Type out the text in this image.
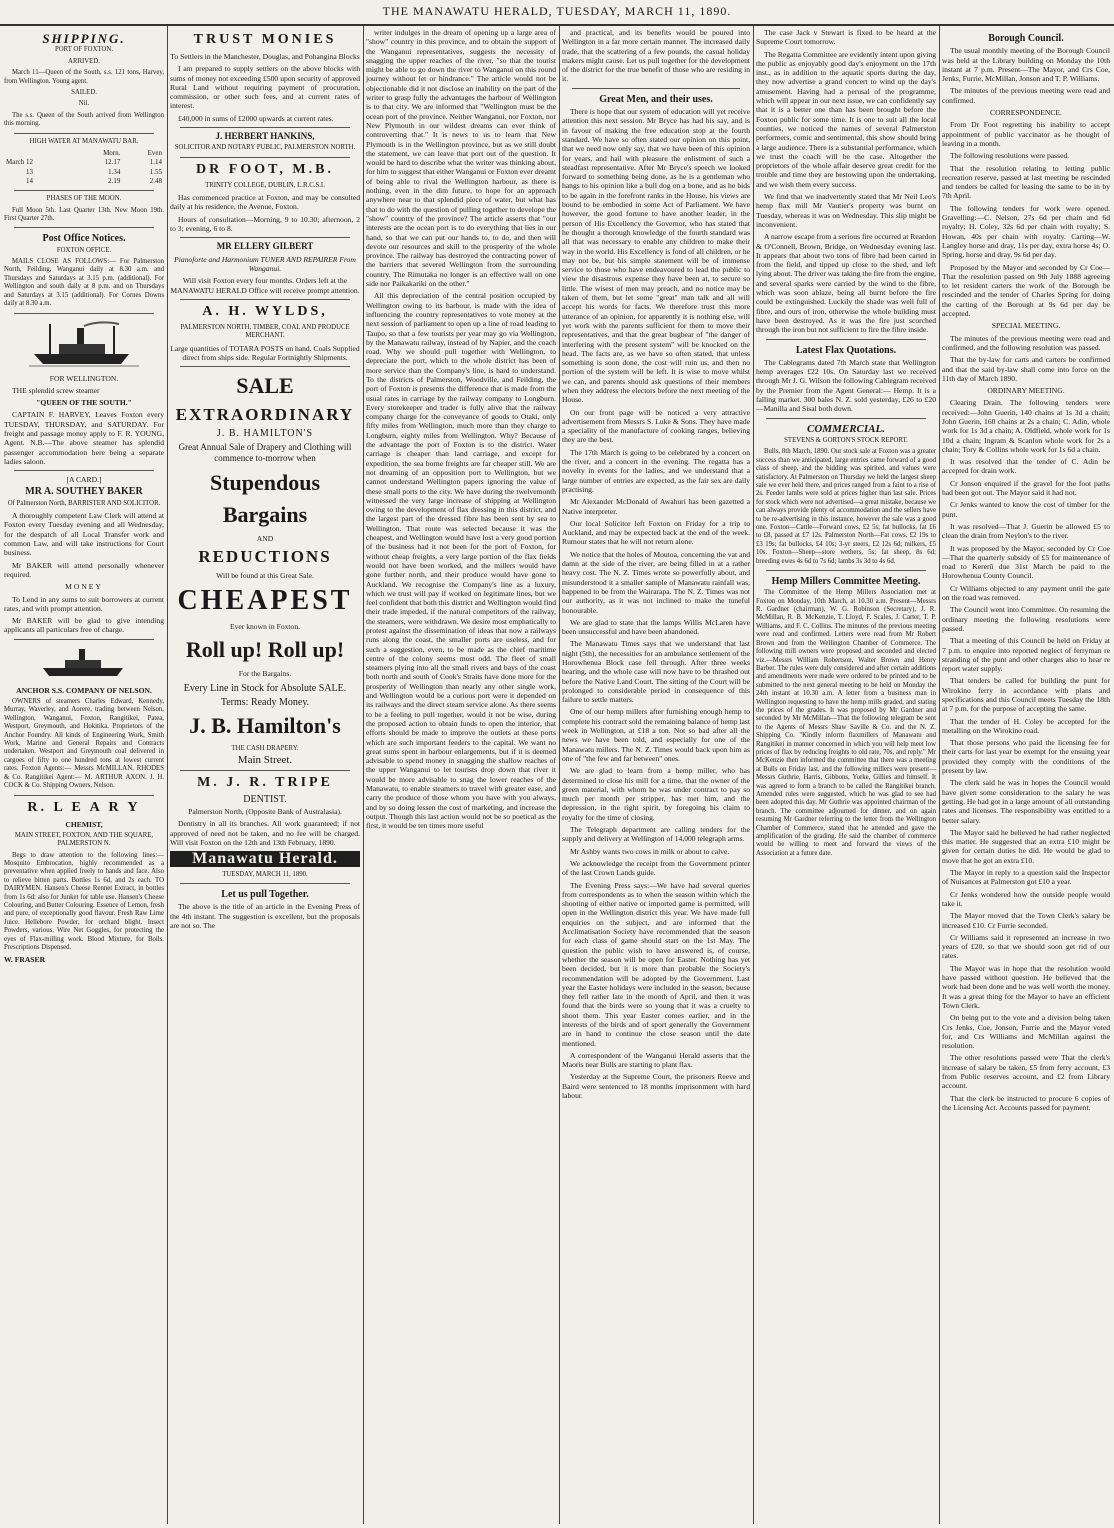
THE MANAWATU HERALD, TUESDAY, MARCH 11, 1890.
SHIPPING.

PORT OF FOXTON.

ARRIVED.

March 11—Queen of the South, s.s. 121 tons, Harvey, from Wellington. Young agent.

SAILED.

Nil.

The s.s. Queen of the South arrived from Wellington this morning.

HIGH WATER AT MANAWATU BAR.

	Morn.	Even
March 12	12.17	1.14
13	1.34	1.55
14	2.19	2.48

PHASES OF THE MOON.

Full Moon 5th. Last Quarter 13th. New Moon 19th. First Quarter 27th.

Post Office Notices.

FOXTON OFFICE.

MAILS CLOSE AS FOLLOWS:— For Palmerston North, Feilding, Wanganui daily at 8.30 a.m. and Thursdays and Saturdays at 3.15 p.m. (additional). For Wellington and south daily at 8 p.m. and on Thursdays and Saturdays at 3.15 (additional). For Cornes Downs daily at 8.30 a.m.

FOR WELLINGTON.

THE splendid screw steamer

"QUEEN OF THE SOUTH."

CAPTAIN F. HARVEY, Leaves Foxton every TUESDAY, THURSDAY, and SATURDAY. For freight and passage money apply to F. R. YOUNG, Agent. N.B.—The above steamer has splendid passenger accommodation here being a separate ladies saloon.

[A CARD.]

MR A. SOUTHEY BAKER

Of Palmerston North, BARRISTER AND SOLICITOR.

A thoroughly competent Law Clerk will attend at Foxton every Tuesday evening and all Wednesday, for the despatch of all Local Transfer work and common Law, and will take instructions for Court business.

Mr BAKER will attend personally whenever required.

MONEY

To Lend in any sums to suit borrowers at current rates, and with prompt attention.

Mr BAKER will be glad to give intending applicants all particulars free of charge.

ANCHOR S.S. COMPANY OF NELSON.

OWNERS of steamers Charles Edward, Kennedy, Murray, Waverley, and Aorere, trading between Nelson, Wellington, Wanganui, Foxton, Rangitikei, Patea, Westport, Greymouth, and Hokitika. Proprietors of the Anchor Foundry. All kinds of Engineering Work, Smith Work, Marine and General Repairs and Contracts undertaken. Westport and Greymouth coal delivered in cargoes of fifty to one hundred tons at lowest current rates. Foxton Agents:— Messrs McMILLAN, RHODES & Co. Rangitikei Agent:— M. ARTHUR AXON. J. H. COCK & Co. Shipping Owners, Nelson.

R. L E A R Y

CHEMIST,

MAIN STREET, FOXTON, AND THE SQUARE, PALMERSTON N.

Begs to draw attention to the following lines:— Mosquito Embrocation, highly recommended as a preventative when applied freely to hands and face. Also to relieve bitten parts. Bottles 1s 6d, and 2s each. TO DAIRYMEN. Hansen's Cheese Rennet Extract, in bottles from 1s 6d: also for Junket for table use. Hansen's Cheese Colouring, and Butter Colouring. Essence of Lemon, fresh and pure, of exceptionally good flavour. Fresh Raw Lime Juice. Hellebore Powder, for orchard blight. Insect Powders, various. Wire Net Goggles, for protecting the eyes of Flax-milling work. Blood Mixture, for Boils. Prescriptions Dispensed.

W. FRASER

TRUST MONIES

To Settlers in the Manchester, Douglas, and Pohangina Blocks

I am prepared to supply settlers on the above blocks with sums of money not exceeding £500 upon security of approved Rural Land without requiring payment of procuration, commission, or other such fees, and at current rates of interest.

£40,000 in sums of £2000 upwards at current rates.

J. HERBERT HANKINS,

SOLICITOR AND NOTARY PUBLIC, PALMERSTON NORTH.

DR FOOT, M.B.

TRINITY COLLEGE, DUBLIN, L.R.C.S.I.

Has commenced practice at Foxton, and may be consulted daily at his residence, the Avenue, Foxton.

Hours of consultation—Morning, 9 to 10.30; afternoon, 2 to 3; evening, 6 to 8.

MR ELLERY GILBERT

Pianoforte and Harmonium TUNER AND REPAIRER From Wanganui.

Will visit Foxton every four months. Orders left at the MANAWATU HERALD Office will receive prompt attention.

A. H. WYLDS,

PALMERSTON NORTH, TIMBER, COAL AND PRODUCE MERCHANT.

Large quantities of TOTARA POSTS on hand. Coals Supplied direct from ships side. Regular Fortnightly Shipments.

SALE
EXTRAORDINARY

J. B. HAMILTON'S

Great Annual Sale of Drapery and Clothing will commence to-morrow when

Stupendous
Bargains

AND

REDUCTIONS

Will be found at this Great Sale.

CHEAPEST

Ever known in Foxton.

Roll up! Roll up!

For the Bargains.

Every Line in Stock for Absolute SALE.

Terms: Ready Money.

J. B. Hamilton's

THE CASH DRAPERY.

Main Street.

M. J. R. TRIPE

DENTIST.

Palmerston North, (Opposite Bank of Australasia).

Dentistry in all its branches. All work guaranteed; if not approved of need not be taken, and no fee will be charged. Will visit Foxton on the 12th and 13th February, 1890.

Manawatu Herald.

TUESDAY, MARCH 11, 1890.

Let us pull Together.

The above is the title of an article in the Evening Press of the 4th instant. The suggestion is excellent, but the proposals are not so. The

writer indulges in the dream of opening up a large area of "show" country in this province, and to obtain the support of the Wanganui representatives, suggests the necessity of snagging the upper reaches of the river, "so that the tourist might be able to go down the river to Wanganui on this round journey without let or hindrance." The article would not be objectionable did it not disclose an inability on the part of the writer to grasp fully the advantages the harbour of Wellington is to that city. We are informed that "Wellington must be the ocean port of the province. Neither Wanganui, nor Foxton, nor New Plymouth in our wildest dreams can ever think of controverting that." It is news to us to learn that New Plymouth is in the Wellington province, but as we still doubt the statement, we can leave that port out of the question. It would be hard to describe what the writer was thinking about, for him to suggest that either Wanganui or Foxton ever dreamt of being able to rival the Wellington harbour, as there is nothing, even in the dim future, to hope for an approach anywhere near to that splendid piece of water, but what has that to do with the question of pulling together to develope the "show" country of the province? The article asserts that "our interests are the ocean port is to do everything that lies in our hand, so that we can put our hands to, to do, and then will devote our resources and skill to the prosperity of the whole province. The railway has destroyed the contracting power of the barriers that severed Wellington from the surrounding country. The Rimutaka no longer is an effective wall on one side nor Paikakariki on the other."

All this depreciation of the central position occupied by Wellington owing to its harbour, is made with the idea of influencing the country representatives to vote money at the next session of parliament to open up a line of road leading to Taupo, so that a few tourists per year may go via Wellington, by the Manawatu railway, instead of by Napier, and the coach road. Why we should pull together with Wellington, to depreciate the port, which to the whole district has been of more service than the Company's line, is hard to understand. To the districts of Palmerston, Woodville, and Feilding, the port of Foxton is presents the difference that is made from the usual rates in carriage by the railway company to Longburn. Every storekeeper and trader is fully alive that the railway company charge for the conveyance of goods to Otaki, only fifty miles from Wellington, much more than they charge to Longburn, eighty miles from Wellington. Why? Because of the advantage the port of Foxton is to the district. Water carriage is cheaper than land carriage, and except for expedition, the sea borne freights are far cheaper still. We are not dreaming of an opposition port to Wellington, but we cannot understand Wellington papers ignoring the value of these small ports to the city. We have during the twelvemonth witnessed the very large increase of shipping at Wellington owing to the development of flax dressing in this district, and the largest part of the dressed fibre has been sent by sea to Wellington. That route was selected because it was the cheapest, and Wellington would have lost a very good portion of the business had it not been for the port of Foxton, for without cheap freights, a very large portion of the flax fields would not have been worked, and the millers would have gone further north, and their produce would have gone to Auckland. We recognise the Company's line as a luxury, which we trust will pay if worked on legitimate lines, but we feel confident that both this district and Wellington would find their trade impeded, if the natural competitors of the railway, the steamers, were withdrawn. We desire most emphatically to protest against the dissemination of ideas that now a railways runs along the coast, the smaller ports are useless, and for such a suggestion, even, to be made as the chief maritime centre of the colony seems most odd. The fleet of small steamers plying into all the small rivers and bays of the coast both north and south of Cook's Straits have done more for the prosperity of Wellington than nearly any other single work, and Wellington would be a curious port were it depended on its railways and the direct steam service alone. As there seems to be a feeling to pull together, would it not be wise, during the proposed action to obtain funds to open the interior, that efforts should be made to improve the outlets at these ports which are such important feeders to the capital. We want no great sums spent in harbour enlargements, but if it is deemed advisable to spend money in snagging the shallow reaches of the upper Wanganui to let tourists drop down that river it would be more advisable to snag the lower reaches of the Manawatu, to enable steamers to travel with greater ease, and carry the produce of those whom you have with you always, and by so doing lessen the cost of marketing, and increase the output. Though this last action would not be so poetical as the first, it would be ten times more useful

and practical, and its benefits would be poured into Wellington in a far more certain manner. The increased daily trade, that the scattering of a few pounds, the casual holiday makers might cause. Let us pull together for the development of the district for the true benefit of those who are residing in it.

Great Men, and their uses.

There is hope that our system of education will yet receive attention this next session. Mr Bryce has had his say, and is in favour of making the free education stop at the fourth standard. We have so often stated our opinion on this point, that we need now only say, that we have been of this opinion for years, and hail with pleasure the enlistment of such a steadfast representative. After Mr Bryce's speech we looked forward to something being done, as he is a gentleman who hangs to his opinion like a bull dog on a bone, and as he bids to be again in the forefront ranks in the House, his views are bound to be embodied in some Act of Parliament. We have however, the good fortune to have another leader, in the person of His Excellency the Governor, who has stated that he thought a thorough knowledge of the fourth standard was all that was necessary to enable any children to make their way in the world. His Excellency is fond of all children, or he may not be, but his simple statement will be of immense service to those who have endeavoured to lead the public to view the disastrous expense they have been at, to secure so little. The wisest of men may preach, and no notice may be taken of them, but let some "great" man talk and all will accept his words for facts. We therefore trust this more utterance of an opinion, for apparently it is nothing else, will yet work with the parents sufficient for them to move their representatives, and that the great bugbear of "the danger of interfering with the present system" will be knocked on the head. The facts are, as we have so often stated, that unless something is soon done, the cost will ruin us, and then no portion of the system will be left. It is wise to move whilst we can, and parents should ask questions of their members when they address the electors before the next meeting of the House.

On our front page will be noticed a very attractive advertisement from Messrs S. Luke & Sons. They have made a speciality of the manufacture of cooking ranges, believing they are the best.

The 17th March is going to be celebrated by a concert on the river, and a concert in the evening. The regatta has a novelty in events for the ladies, and we understand that a large number of entries are expected, as the fair sex are daily practising.

Mr Alexander McDonald of Awahuri has been gazetted a Native interpreter.

Our local Solicitor left Foxton on Friday for a trip to Auckland, and may be expected back at the end of the week. Rumour states that he will not return alone.

We notice that the holes of Moutoa, concerning the vat and damn at the side of the river, are being filled in at a rather heavy cost. The N. Z. Times wrote so powerfully about, and misunderstood it a smaller sample of Manawatu rainfall was, happened to be from the Wairarapa. The N. Z. Times was not our authority, as it was not inclined to make the tuneful honourable.

We are glad to state that the lamps Willis McLaren have been unsuccessful and have been abandoned.

The Manawatu Times says that we understand that last night (5th), the necessities for an ambulance settlement of the Horowhenua Block case fell through. After three weeks hearing, and the whole case will now have to be thrashed out before the Native Land Court. The sitting of the Court will be prolonged to considerable period in consequence of this failure to settle matters.

One of our hemp millers after furnishing enough hemp to complete his contract sold the remaining balance of hemp last week in Wellington, at £18 a ton. Not so bad after all the news we have been told, and especially for one of the Manawatu millers. The N. Z. Times would back upon him as one of "the few and far between" ones.

We are glad to learn from a hemp miller, who has determined to close his mill for a time, that the owner of the green material, with whom he was under contract to pay so much per month per stripper, has met him, and the depression, in the right spirit, by foregoing his claim to royalty for the time of closing.

The Telegraph department are calling tenders for the supply and delivery at Wellington of 14,000 telegraph arms.

Mr Ashby wants two cows in milk or about to calve.

We acknowledge the receipt from the Government printer of the last Crown Lands guide.

The Evening Press says:—We have had several queries from correspondents as to when the season within which the shooting of either native or imported game is permitted, will open in the Wellington district this year. We have made full enquiries on the subject, and are informed that the Acclimatisation Society have recommended that the season for each class of game should start on the 1st May. The question the public wish to have answered is, of course, whether the season will be open for Easter. Nothing has yet been decided, but it is more than probable the Society's recommendation will be adopted by the Government. Last year the Easter holidays were included in the season, because they fell rather late in the month of April, and then it was found that the birds were so young that it was a cruelty to shoot them. This year Easter comes earlier, and in the interests of the birds and of sport generally the Government are in hand to continue the close season until the date mentioned.

A correspondent of the Wanganui Herald asserts that the Maoris near Bulls are starting to plant flax.

Yesterday at the Supreme Court, the prisoners Reeve and Baird were sentenced to 18 months imprisonment with hard labour.

The case Jack v Stewart is fixed to be heard at the Supreme Court tomorrow.

The Regatta Committee are evidently intent upon giving the public as enjoyably good day's enjoyment on the 17th inst., as in addition to the aquatic sports during the day, they now advertise a grand concert to wind up the day's amusement. Having had a perusal of the programme, which will appear in our next issue, we can confidently say that it is a better one than has been brought before the Foxton public for some time. It is one to suit all the local counties, we noticed the names of several Palmerston performers, comic and sentimental, this show should bring a large audience. There is a substantial performance, which we trust the coach will be the case. Altogether the proprietors of the whole affair deserve great credit for the trouble and time they are bestowing upon the undertaking, and we wish them every success.

We find that we inadvertently stated that Mr Neil Leo's hemp flax mill Mr Vautier's property was burnt on Tuesday, whereas it was on Wednesday. This slip might be inconvenient.

A narrow escape from a serious fire occurred at Reardon & O'Connell, Brown, Bridge, on Wednesday evening last. It appears that about two tons of fibre had been carted in from the field, and tipped up close to the shed, and left lying about. The driver was taking the fire from the engine, and several sparks were carried by the wind to the fibre, which was soon ablaze, being all burnt before the fire could be extinguished. Luckily the shade was well full of fibre, and ours of iron, otherwise the whole building must have been destroyed. As it was the fire just scorched through the iron but not sufficient to fire the fibre inside.

Latest Flax Quotations.

The Cablegrams dated 7th March state that Wellington hemp averages £22 10s. On Saturday last we received through Mr J. G. Wilson the following Cablegram received by the Premier from the Agent General:— Hemp. It is a falling market. 300 bales N. Z. sold yesterday, £26 to £20—Manilla and Sisal both down.

COMMERCIAL.

STEVENS & GORTON'S STOCK REPORT.

Bulls, 8th March, 1890. Our stock sale at Foxton was a greater success than we anticipated, large entries came forward of a good class of sheep, and the bidding was spirited, and values were satisfactory. At Palmerston on Thursday we held the largest sheep sale we ever held there, and prices ranged from a faint to a rise of 2s. Feeder lambs were sold at prices higher than last sale. Prices for stock which were not advertised—a great mistake, because we can always provide plenty of accommodation and the sellers have to be re-advertising in this instance, however the sale was a good one. Foxton—Cattle—Forward cows, £2 5s; fat bullocks, fat £6 to £8, passed at £7 12s. Palmerston North—Fat cows, £2 19s to £3 19s; fat bullocks, £4 10s; 3-yr steers, £2 12s 6d; milkers, £5 10s. Foxton—Sheep—store wethers, 5s; fat sheep, 8s 6d; breeding ewes 4s 6d to 7s 6d; lambs 3s 3d to 4s 6d.

Hemp Millers Committee Meeting.

The Committee of the Hemp Millers Association met at Foxton on Monday, 10th March, at 10.30 a.m. Present—Messrs R. Gardner (chairman), W. G. Robinson (Secretary), J. R. McMillan, R. B. McKenzie, T. Lloyd, F. Scales, J. Carter, T. P. Williams, and F. C. Collins. The minutes of the previous meeting were read and confirmed. Letters were read from Mr Robert Brown and from the Wellington Chamber of Commerce. The following mill owners were proposed and seconded and elected viz.—Messrs William Robertson, Walter Brown and Henry Barber. The rules were duly considered and after certain additions and amendments were made were ordered to be printed and to be submitted to the next general meeting to be held on Monday the 24th instant at 10.30 a.m. A letter from a business man in Wellington requesting to have the hemp mills graded, and stating the prices of the grades. It was proposed by Mr Gardner and seconded by Mr McMillan—That the following telegram be sent to the Agents of Messrs Shaw Saville & Co. and the N. Z. Shipping Co. "Kindly inform flaxmillers of Manawatu and Rangitikei in manner concerned in which you will help meet low prices of flax by reducing freights to old rate, 70s, and reply." Mr McKenzie then informed the committee that there was a meeting at Bulls on Friday last, and the following millers were present—Messrs Guthrie, Harris, Gibbons, Yorke, Gillies and himself. It was agreed to form a branch to be called the Rangitikei branch. Amended rules were suggested, which he was glad to see had been adopted this day. Mr Guthrie was appointed chairman of the branch. The committee adjourned for dinner, and on again resuming Mr Gardner referring to the letter from the Wellington Chamber of Commerce, stated that he attended and gave the amplification of the grading. He said the chamber of commerce would be willing to meet and forward the views of the Association at a future date.

Borough Council.

The usual monthly meeting of the Borough Council was held at the Library building on Monday the 10th instant at 7 p.m. Present—The Mayor, and Crs Coe, Jenks, Furrie, McMillan, Jonson and T. P. Williams.

The minutes of the previous meeting were read and confirmed.

CORRESPONDENCE.

From Dr Foot regretting his inability to accept appointment of public vaccinator as he thought of leaving in a month.

The following resolutions were passed.

That the resolution relating to letting public recreation reserve, passed at last meeting be rescinded and tenders be called for leasing the same to be in by 7th April.

The following tenders for work were opened. Gravelling:—C. Nelson, 27s 6d per chain and 6d royalty; H. Coley, 32s 6d per chain with royalty; S. Howan, 40s per chain with royalty. Carting—W. Langley horse and dray, 11s per day, extra horse 4s; O. Spring, horse and dray, 9s 6d per day.

Proposed by the Mayor and seconded by Cr Coe—That the resolution passed on 9th July 1888 agreeing to let resident carters the work of the Borough be rescinded and the tender of Charles Spring for doing the carting of the Borough at 9s 6d per day be accepted.

SPECIAL MEETING.

The minutes of the previous meeting were read and confirmed, and the following resolution was passed.

That the by-law for carts and carters be confirmed and that the said by-law shall come into force on the 11th day of March 1890.

ORDINARY MEETING.

Clearing Drain. The following tenders were received:—John Guerin, 140 chains at 1s 3d a chain; John Guerin, 160 chains at 2s a chain; C. Adin, whole work for 1s 3d a chain; A. Oldfield, whole work for 1s 10d a chain; Ingram & Scanlon whole work for 2s a chain; Tory & Collins whole work for 1s 6d a chain.

It was resolved that the tender of C. Adin be accepted for drain work.

Cr Jonson enquired if the gravel for the foot paths had been got out. The Mayor said it had not.

Cr Jenks wanted to know the cost of timber for the punt.

It was resolved—That J. Guerin be allowed £5 to clean the drain from Neylon's to the river.

It was proposed by the Mayor, seconded by Cr Coe—That the quarterly subsidy of £5 for maintenance of road to Kererū due 31st March be paid to the Horowhenua County Council.

Cr Williams objected to any payment until the gate on the road was removed.

The Council went into Committee. On resuming the ordinary meeting the following resolutions were passed.

That a meeting of this Council be held on Friday at 7 p.m. to enquire into reported neglect of ferryman re stranding of the punt and other charges also to hear re report water supply.

That tenders be called for building the punt for Wirokino ferry in accordance with plans and specifications and this Council meets Tuesday the 18th at 7 p.m. for the purpose of accepting the same.

That the tender of H. Coley be accepted for the metalling on the Wirokino road.

That those persons who paid the licensing fee for their carts for last year be exempt for the ensuing year provided they comply with the conditions of the present by law.

The clerk said he was in hopes the Council would have given some consideration to the salary he was getting. He had got in a large amount of all outstanding rates and licenses. The responsibility was entitled to a better salary.

The Mayor said he believed he had rather neglected this matter. He suggested that an extra £10 might be given for certain duties he did. He would be glad to move that he got an extra £10.

The Mayor in reply to a question said the Inspector of Nuisances at Palmerston got £10 a year.

Cr Jenks wondered how the outside people would take it.

The Mayor moved that the Town Clerk's salary be increased £10. Cr Furrie seconded.

Cr Williams said it represented an increase in two years of £20, so that we should soon get rid of our rates.

The Mayor was in hope that the resolution would have passed without question. He believed that the work had been done and he was well worth the money. It was a great thing for the Mayor to have an efficient Town Clerk.

On being put to the vote and a division being taken Crs Jenks, Coe, Jonson, Furrie and the Mayor voted for, and Crs Williams and McMillan against the resolution.

The other resolutions passed were That the clerk's increase of salary be taken, £5 from ferry account, £3 from Public reserves account, and £2 from Library account.

That the clerk be instructed to procure 6 copies of the Licensing Act. Accounts passed for payment.
